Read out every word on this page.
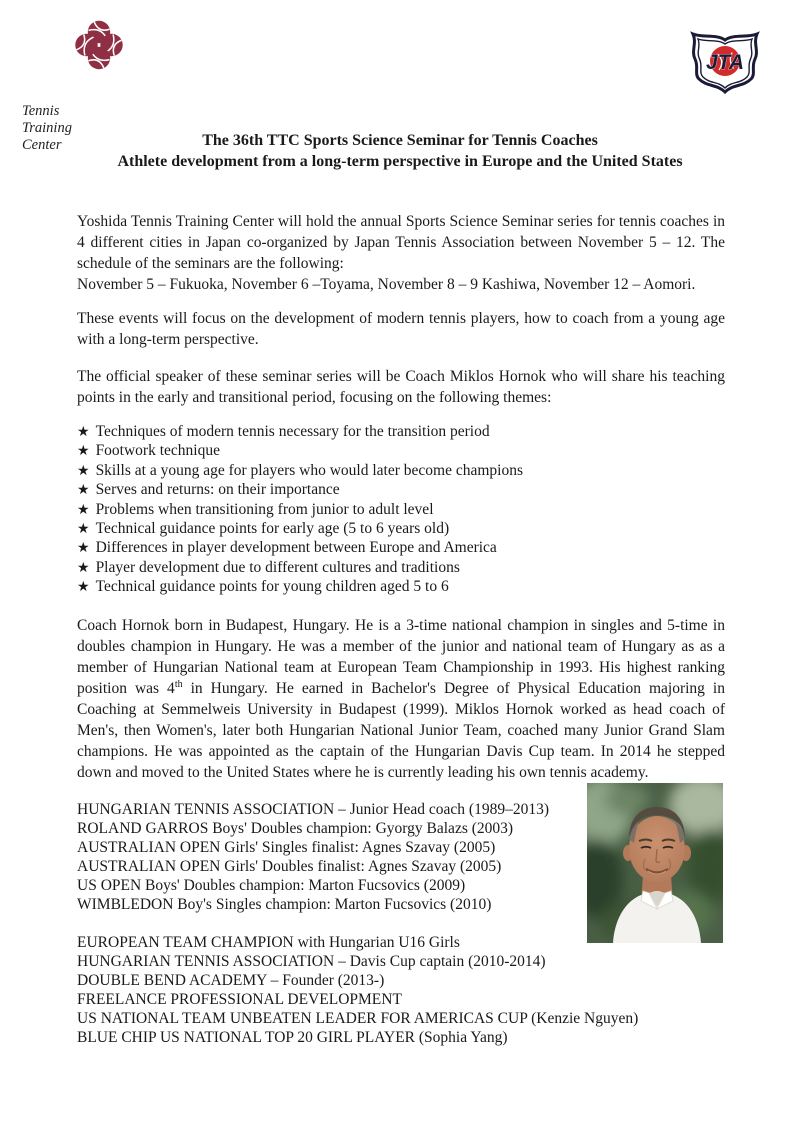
Tennis
Training
Center
JTA
The 36th TTC Sports Science Seminar for Tennis Coaches
Athlete development from a long-term perspective in Europe and the United States

Yoshida Tennis Training Center will hold the annual Sports Science Seminar series for tennis coaches in 4 different cities in Japan co-organized by Japan Tennis Association between November 5 – 12. The schedule of the seminars are the following:

November 5 – Fukuoka, November 6 –Toyama, November 8 – 9 Kashiwa, November 12 – Aomori.

These events will focus on the development of modern tennis players, how to coach from a young age with a long-term perspective.

The official speaker of these seminar series will be Coach Miklos Hornok who will share his teaching points in the early and transitional period, focusing on the following themes:

★ Techniques of modern tennis necessary for the transition period
★ Footwork technique
★ Skills at a young age for players who would later become champions
★ Serves and returns: on their importance
★ Problems when transitioning from junior to adult level
★ Technical guidance points for early age (5 to 6 years old)
★ Differences in player development between Europe and America
★ Player development due to different cultures and traditions
★ Technical guidance points for young children aged 5 to 6

Coach Hornok born in Budapest, Hungary. He is a 3-time national champion in singles and 5-time in doubles champion in Hungary. He was a member of the junior and national team of Hungary as as a member of Hungarian National team at European Team Championship in 1993. His highest ranking position was 4th in Hungary. He earned in Bachelor's Degree of Physical Education majoring in Coaching at Semmelweis University in Budapest (1999). Miklos Hornok worked as head coach of Men's, then Women's, later both Hungarian National Junior Team, coached many Junior Grand Slam champions. He was appointed as the captain of the Hungarian Davis Cup team. In 2014 he stepped down and moved to the United States where he is currently leading his own tennis academy.

HUNGARIAN TENNIS ASSOCIATION – Junior Head coach (1989–2013)
ROLAND GARROS Boys' Doubles champion: Gyorgy Balazs (2003)
AUSTRALIAN OPEN Girls' Singles finalist: Agnes Szavay (2005)
AUSTRALIAN OPEN Girls' Doubles finalist: Agnes Szavay (2005)
US OPEN Boys' Doubles champion: Marton Fucsovics (2009)
WIMBLEDON Boy's Singles champion: Marton Fucsovics (2010)
EUROPEAN TEAM CHAMPION with Hungarian U16 Girls
HUNGARIAN TENNIS ASSOCIATION – Davis Cup captain (2010-2014)
DOUBLE BEND ACADEMY – Founder (2013-)
FREELANCE PROFESSIONAL DEVELOPMENT
US NATIONAL TEAM UNBEATEN LEADER FOR AMERICAS CUP (Kenzie Nguyen)
BLUE CHIP US NATIONAL TOP 20 GIRL PLAYER (Sophia Yang)
